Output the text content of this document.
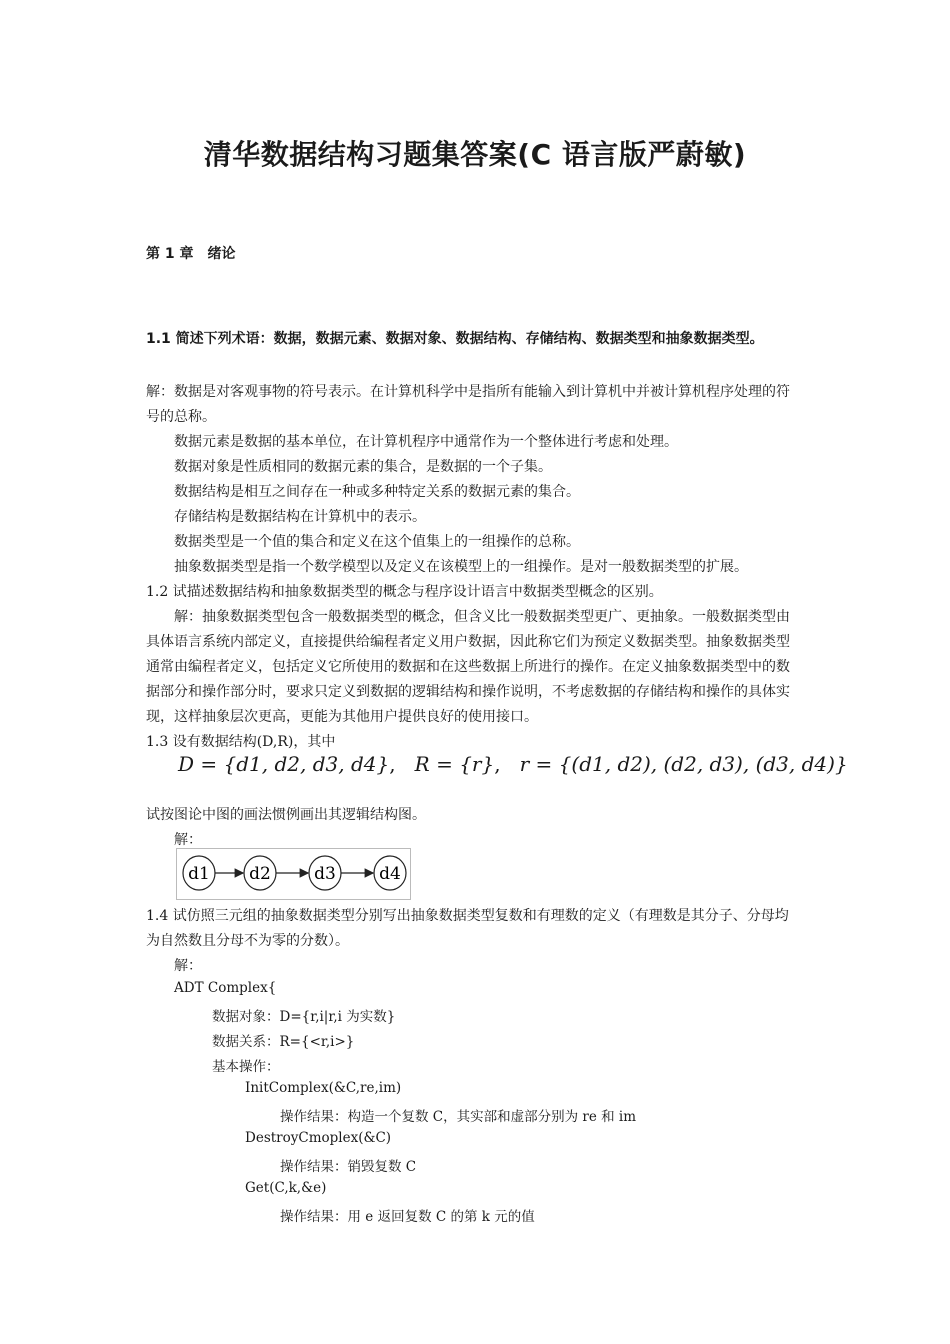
清华数据结构习题集答案(C 语言版严蔚敏)
第 1 章　绪论
1.1 简述下列术语：数据，数据元素、数据对象、数据结构、存储结构、数据类型和抽象数据类型。
解：数据是对客观事物的符号表示。在计算机科学中是指所有能输入到计算机中并被计算机程序处理的符
号的总称。
数据元素是数据的基本单位，在计算机程序中通常作为一个整体进行考虑和处理。
数据对象是性质相同的数据元素的集合，是数据的一个子集。
数据结构是相互之间存在一种或多种特定关系的数据元素的集合。
存储结构是数据结构在计算机中的表示。
数据类型是一个值的集合和定义在这个值集上的一组操作的总称。
抽象数据类型是指一个数学模型以及定义在该模型上的一组操作。是对一般数据类型的扩展。
1.2 试描述数据结构和抽象数据类型的概念与程序设计语言中数据类型概念的区别。
解：抽象数据类型包含一般数据类型的概念，但含义比一般数据类型更广、更抽象。一般数据类型由
具体语言系统内部定义，直接提供给编程者定义用户数据，因此称它们为预定义数据类型。抽象数据类型
通常由编程者定义，包括定义它所使用的数据和在这些数据上所进行的操作。在定义抽象数据类型中的数
据部分和操作部分时，要求只定义到数据的逻辑结构和操作说明，不考虑数据的存储结构和操作的具体实
现，这样抽象层次更高，更能为其他用户提供良好的使用接口。
1.3 设有数据结构(D,R)，其中
D = {d1, d2, d3, d4},   R = {r},   r = {(d1, d2), (d2, d3), (d3, d4)}
试按图论中图的画法惯例画出其逻辑结构图。
解：
d1 d2	d3	d4
1.4 试仿照三元组的抽象数据类型分别写出抽象数据类型复数和有理数的定义（有理数是其分子、分母均
为自然数且分母不为零的分数）。
解：
ADT Complex{
数据对象：D={r,i|r,i 为实数}
数据关系：R={<r,i>}
基本操作：
InitComplex(&C,re,im)
操作结果：构造一个复数 C，其实部和虚部分别为 re 和 im
DestroyCmoplex(&C)
操作结果：销毁复数 C
Get(C,k,&e)
操作结果：用 e 返回复数 C 的第 k 元的值
